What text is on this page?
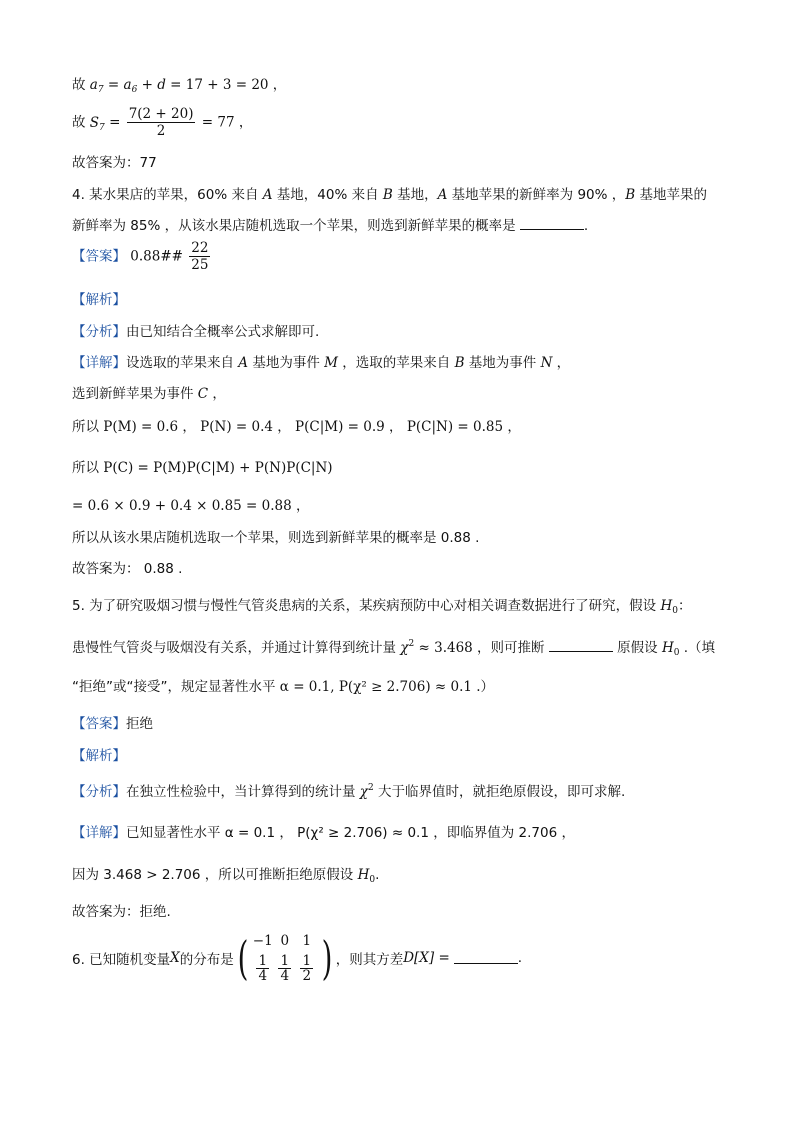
故 $a_7 = a_6 + d = 17 + 3 = 20$ ，
故 $S_7 = \frac{7(2 + 20)}{2} = 77$ ，
故答案为：77
4. 某水果店的苹果，60% 来自 A 基地，40% 来自 B 基地，A 基地苹果的新鲜率为 90% ，B 基地苹果的
新鲜率为 85% ，从该水果店随机选取一个苹果，则选到新鲜苹果的概率是	.
【答案】 0.88## $\frac{22}{25}$
【解析】
【分析】由已知结合全概率公式求解即可.
【详解】设选取的苹果来自 A 基地为事件 M ，选取的苹果来自 B 基地为事件 N ，
选到新鲜苹果为事件 C ，
所以 P(M) = 0.6 ， P(N) = 0.4 ， P(C|M) = 0.9 ， P(C|N) = 0.85 ，
所以 P(C) = P(M)P(C|M) + P(N)P(C|N)
= 0.6 × 0.9 + 0.4 × 0.85 = 0.88 ，
所以从该水果店随机选取一个苹果，则选到新鲜苹果的概率是 0.88 .
故答案为： 0.88 .
5. 为了研究吸烟习惯与慢性气管炎患病的关系，某疾病预防中心对相关调查数据进行了研究，假设 $H_0$：
患慢性气管炎与吸烟没有关系，并通过计算得到统计量 $\chi^2 \approx 3.468$ ，则可推断	原假设 $H_0$ .（填
“拒绝”或“接受”，规定显著性水平 α = 0.1, P(χ² ≥ 2.706) ≈ 0.1 .）
【答案】拒绝
【解析】
【分析】在独立性检验中，当计算得到的统计量 $\chi^2$ 大于临界值时，就拒绝原假设，即可求解.
【详解】已知显著性水平 α = 0.1 ， P(χ² ≥ 2.706) ≈ 0.1 ，即临界值为 2.706 ，
因为 3.468 > 2.706 ，所以可推断拒绝原假设 $H_0$.
故答案为：拒绝.
6. 已知随机变量 X 的分布是 ( −1 0 1
$\frac{1}{4} \frac{1}{4} \frac{1}{2}$ ) ，则其方差 D[X] =	.
